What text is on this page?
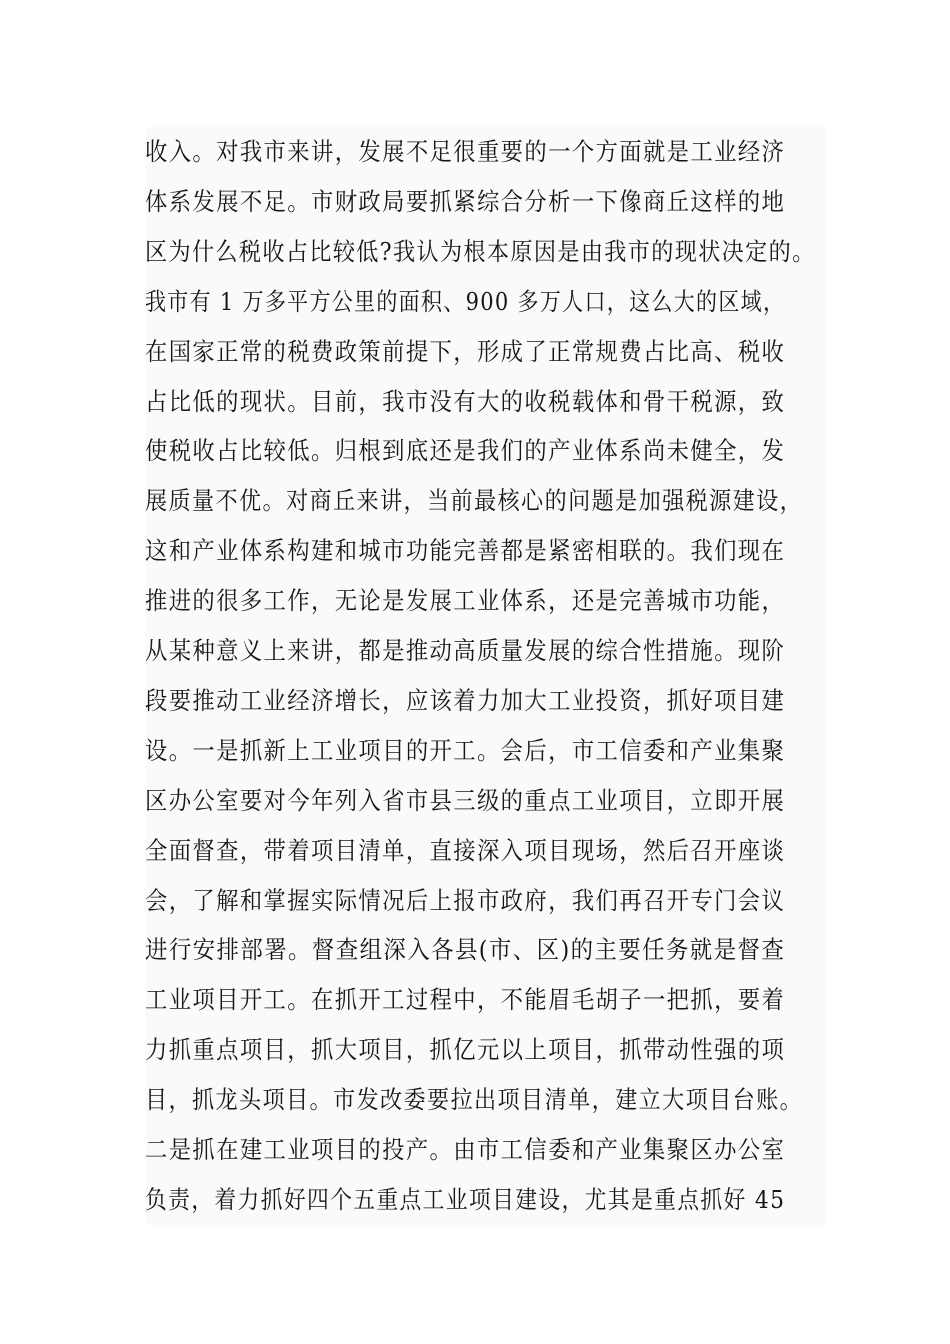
收入。对我市来讲，发展不足很重要的一个方面就是工业经济
体系发展不足。市财政局要抓紧综合分析一下像商丘这样的地
区为什么税收占比较低?我认为根本原因是由我市的现状决定的。
我市有 1 万多平方公里的面积、900 多万人口，这么大的区域，
在国家正常的税费政策前提下，形成了正常规费占比高、税收
占比低的现状。目前，我市没有大的收税载体和骨干税源，致
使税收占比较低。归根到底还是我们的产业体系尚未健全，发
展质量不优。对商丘来讲，当前最核心的问题是加强税源建设，
这和产业体系构建和城市功能完善都是紧密相联的。我们现在
推进的很多工作，无论是发展工业体系，还是完善城市功能，
从某种意义上来讲，都是推动高质量发展的综合性措施。现阶
段要推动工业经济增长，应该着力加大工业投资，抓好项目建
设。一是抓新上工业项目的开工。会后，市工信委和产业集聚
区办公室要对今年列入省市县三级的重点工业项目，立即开展
全面督查，带着项目清单，直接深入项目现场，然后召开座谈
会，了解和掌握实际情况后上报市政府，我们再召开专门会议
进行安排部署。督查组深入各县(市、区)的主要任务就是督查
工业项目开工。在抓开工过程中，不能眉毛胡子一把抓，要着
力抓重点项目，抓大项目，抓亿元以上项目，抓带动性强的项
目，抓龙头项目。市发改委要拉出项目清单，建立大项目台账。
二是抓在建工业项目的投产。由市工信委和产业集聚区办公室
负责，着力抓好四个五重点工业项目建设，尤其是重点抓好 45
